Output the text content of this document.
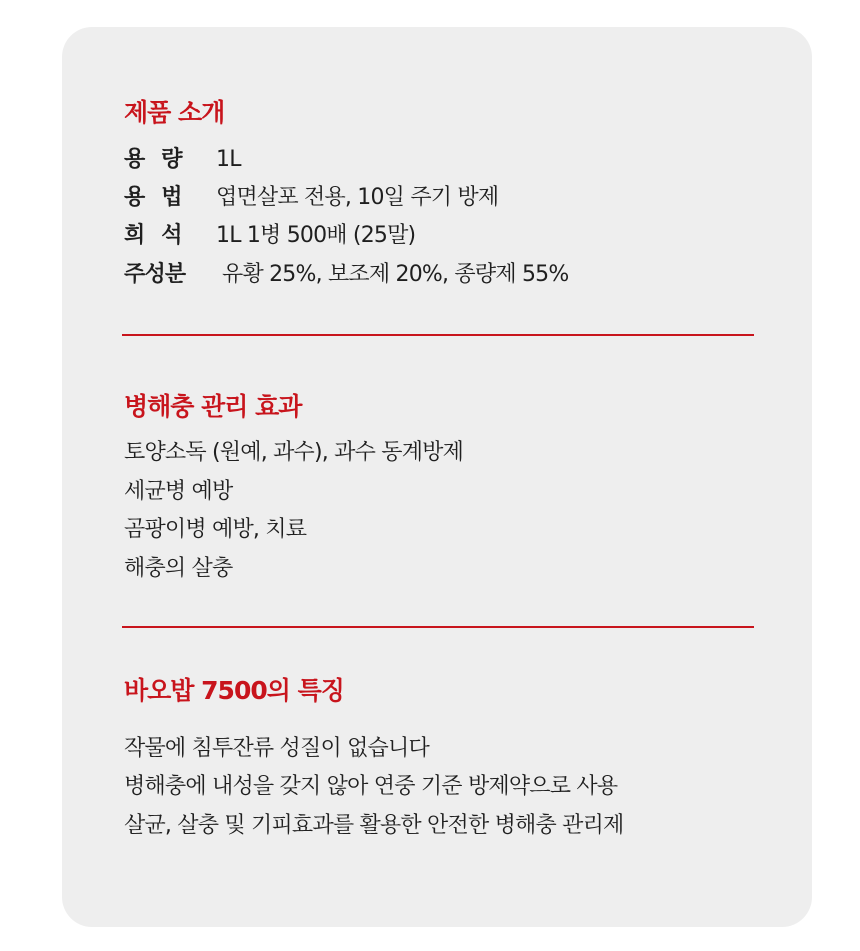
제품 소개
용량 1L
용법 엽면살포 전용, 10일 주기 방제
희석 1L 1병 500배 (25말)
주성분	유황 25%, 보조제 20%, 종량제 55%
병해충 관리 효과
토양소독 (원예, 과수), 과수 동계방제
세균병 예방
곰팡이병 예방, 치료
해충의 살충
바오밥 7500의 특징
작물에 침투잔류 성질이 없습니다
병해충에 내성을 갖지 않아 연중 기준 방제약으로 사용
살균, 살충 및 기피효과를 활용한 안전한 병해충 관리제
